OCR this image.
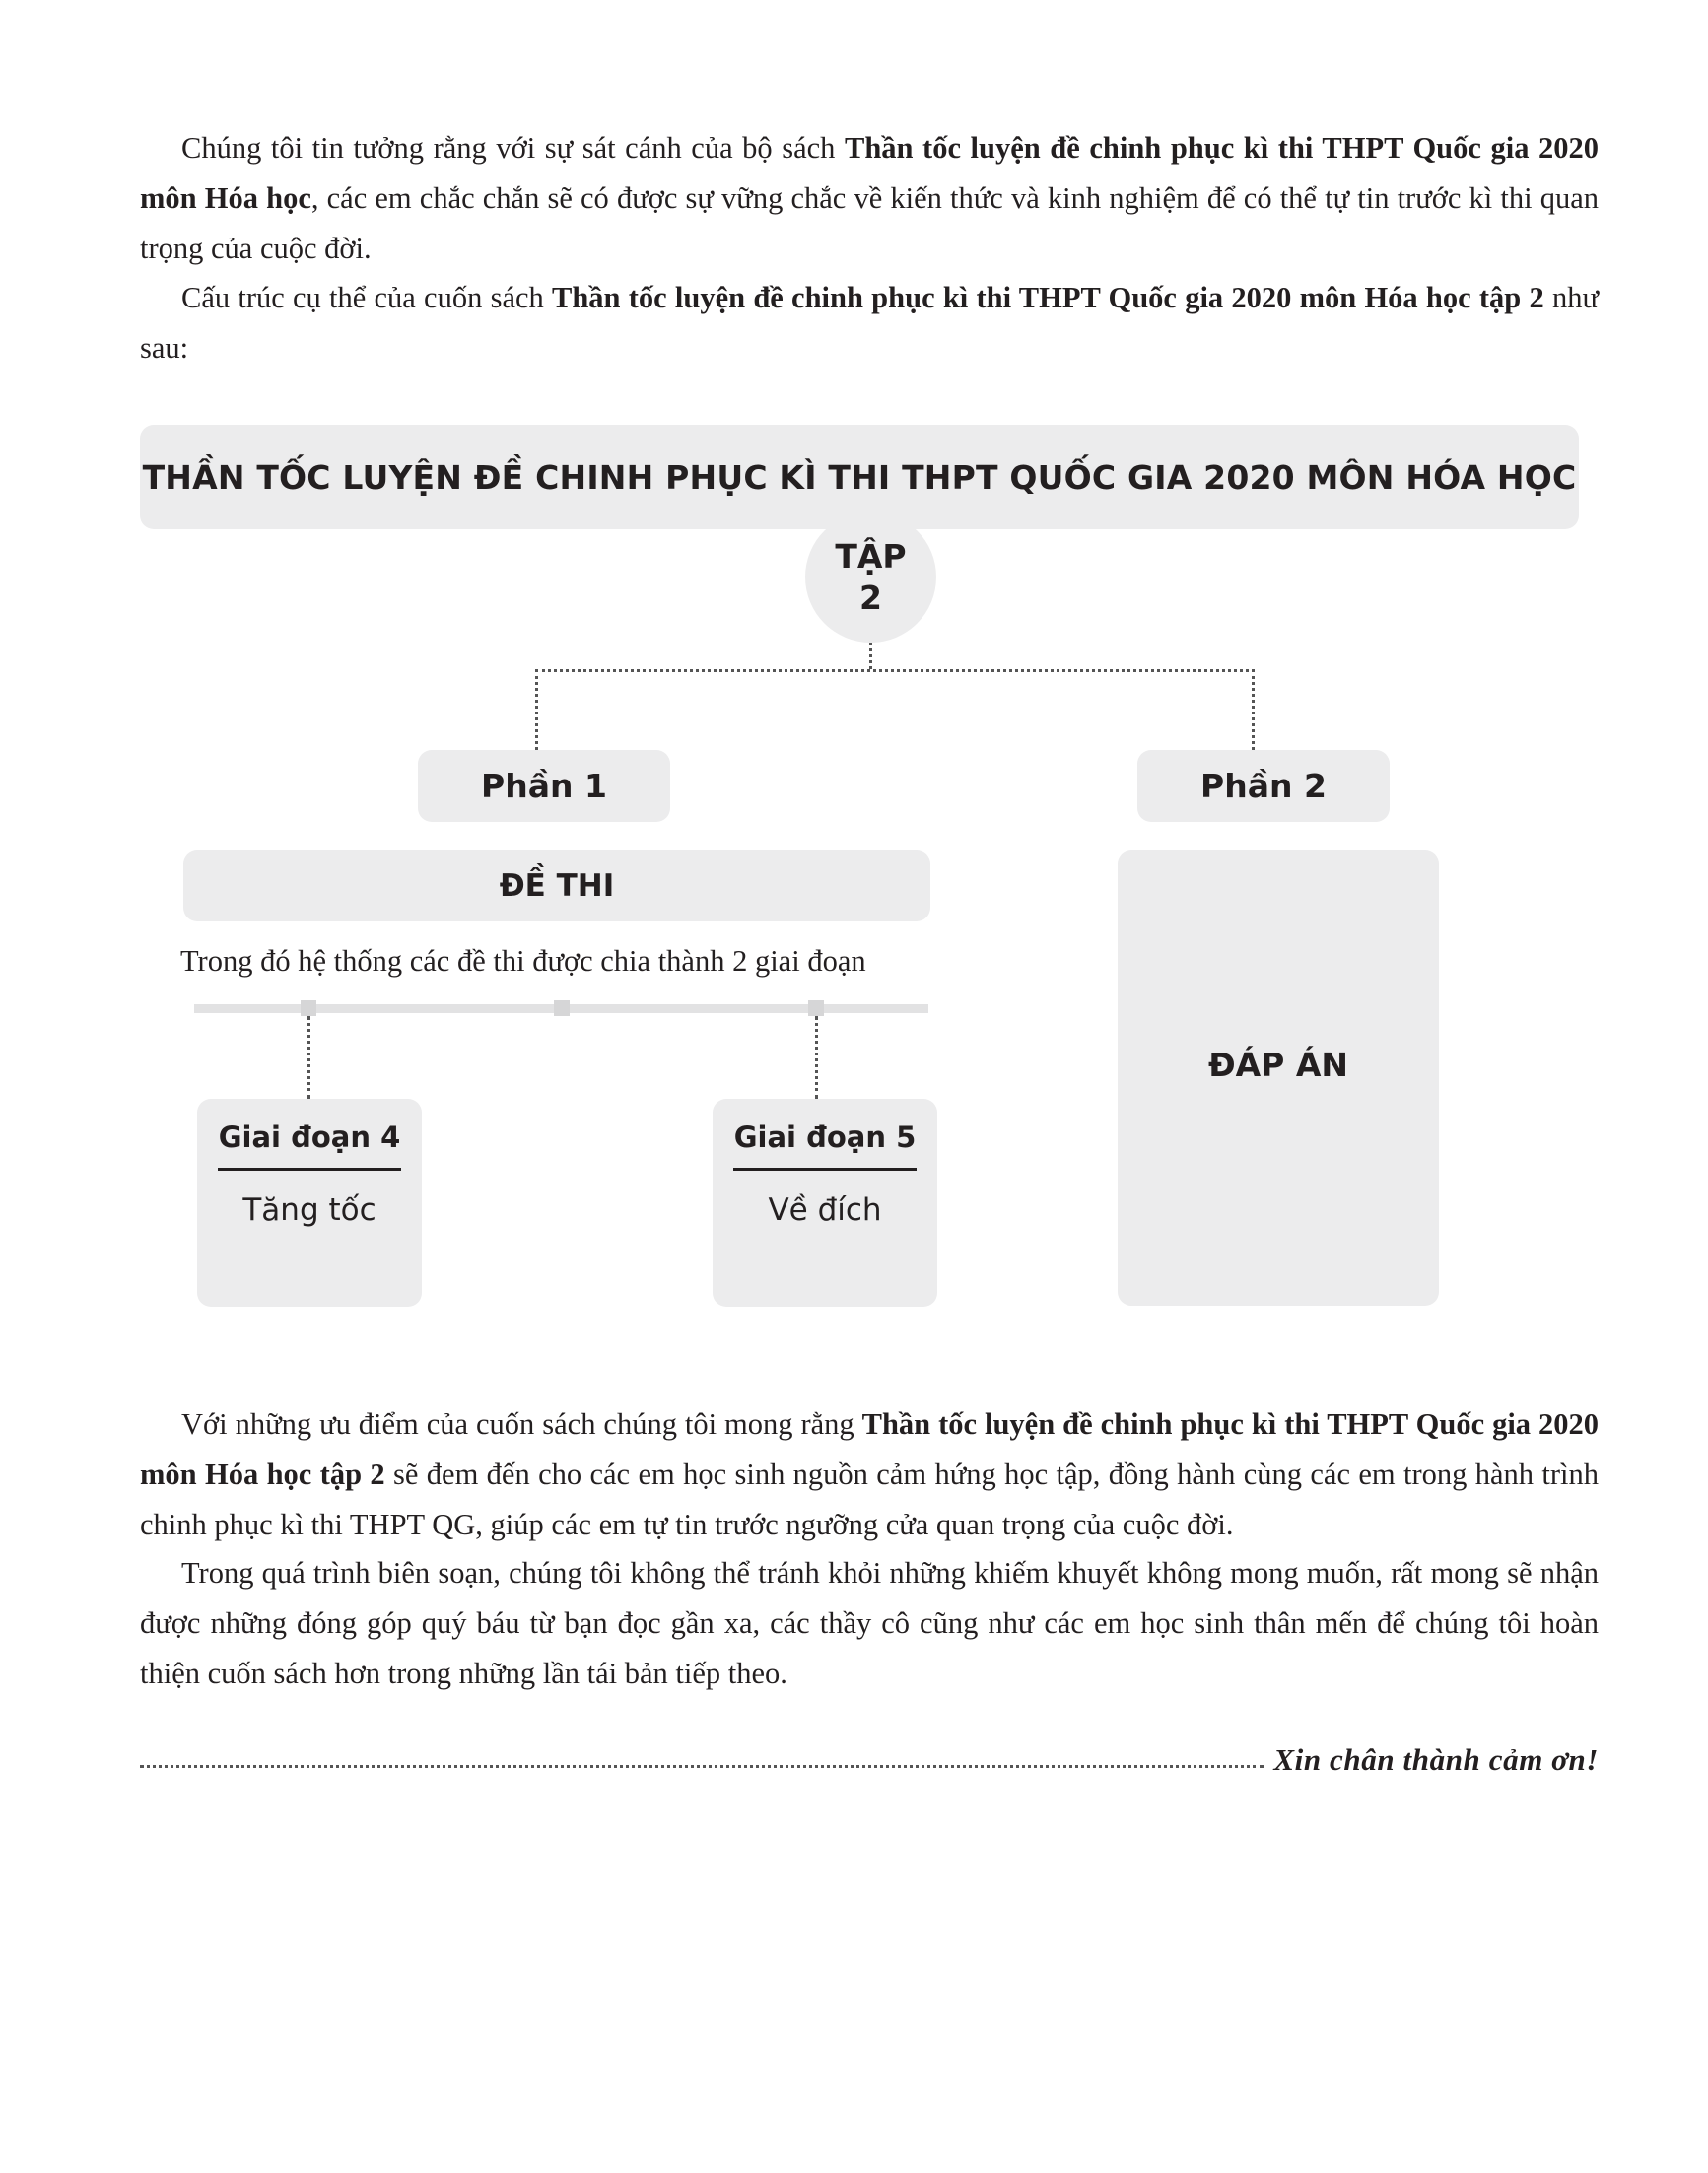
Chúng tôi tin tưởng rằng với sự sát cánh của bộ sách Thần tốc luyện đề chinh phục kì thi THPT Quốc gia 2020 môn Hóa học, các em chắc chắn sẽ có được sự vững chắc về kiến thức và kinh nghiệm để có thể tự tin trước kì thi quan trọng của cuộc đời.

Cấu trúc cụ thể của cuốn sách Thần tốc luyện đề chinh phục kì thi THPT Quốc gia 2020 môn Hóa học tập 2 như sau:

THẦN TỐC LUYỆN ĐỀ CHINH PHỤC KÌ THI THPT QUỐC GIA 2020 MÔN HÓA HỌC
TẬP
2
Phần 1	Phần 2
ĐỀ THI
Trong đó hệ thống các đề thi được chia thành 2 giai đoạn
Giai đoạn 4
Tăng tốc
Giai đoạn 5
Về đích
ĐÁP ÁN

Với những ưu điểm của cuốn sách chúng tôi mong rằng Thần tốc luyện đề chinh phục kì thi THPT Quốc gia 2020 môn Hóa học tập 2 sẽ đem đến cho các em học sinh nguồn cảm hứng học tập, đồng hành cùng các em trong hành trình chinh phục kì thi THPT QG, giúp các em tự tin trước ngưỡng cửa quan trọng của cuộc đời.

Trong quá trình biên soạn, chúng tôi không thể tránh khỏi những khiếm khuyết không mong muốn, rất mong sẽ nhận được những đóng góp quý báu từ bạn đọc gần xa, các thầy cô cũng như các em học sinh thân mến để chúng tôi hoàn thiện cuốn sách hơn trong những lần tái bản tiếp theo.

Xin chân thành cảm ơn!
